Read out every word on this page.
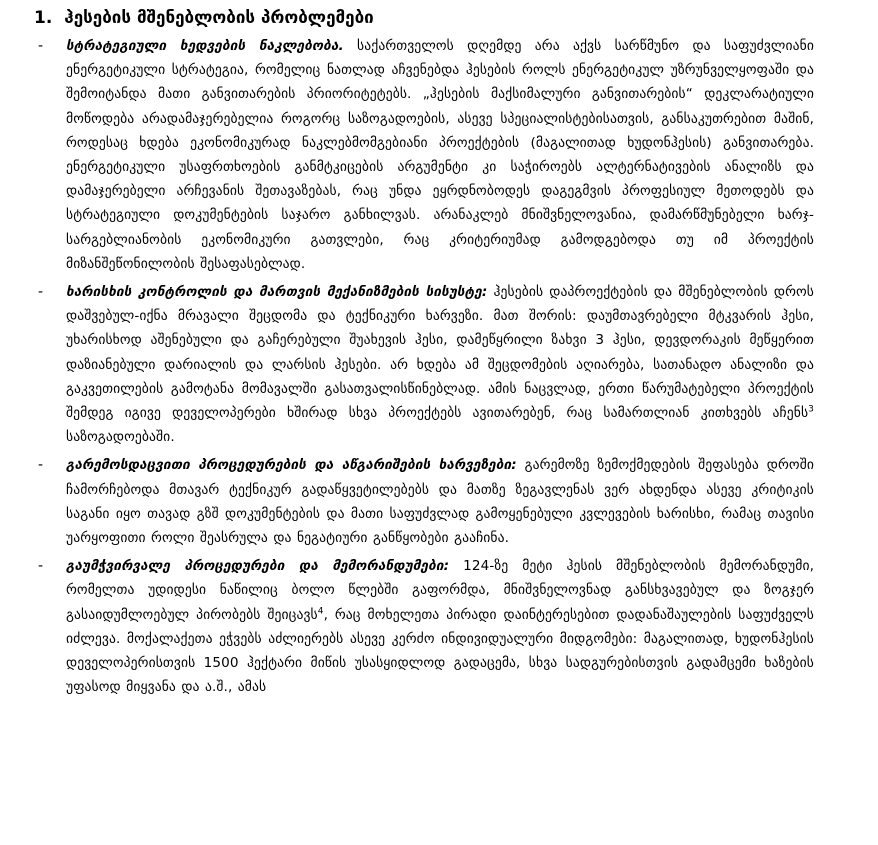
1. ჰესების მშენებლობის პრობლემები
- სტრატეგიული ხედვების ნაკლებობა. საქართველოს დღემდე არა აქვს სარწმუნო და საფუძვლიანი ენერგეტიკული სტრატეგია, რომელიც ნათლად აჩვენებდა ჰესების როლს ენერგეტიკულ უზრუნველყოფაში და შემოიტანდა მათი განვითარების პრიორიტეტებს. „ჰესების მაქსიმალური განვითარების“ დეკლარატიული მოწოდება არადამაჯერებელია როგორც საზოგადოების, ასევე სპეციალისტებისათვის, განსაკუთრებით მაშინ, როდესაც ხდება ეკონომიკურად ნაკლებმომგებიანი პროექტების (მაგალითად ხუდონჰესის) განვითარება. ენერგეტიკული უსაფრთხოების განმტკიცების არგუმენტი კი საჭიროებს ალტერნატივების ანალიზს და დამაჯერებელი არჩევანის შეთავაზებას, რაც უნდა ეყრდნობოდეს დაგეგმვის პროფესიულ მეთოდებს და სტრატეგიული დოკუმენტების საჯარო განხილვას. არანაკლებ მნიშვნელოვანია, დამარწმუნებელი ხარჯ-სარგებლიანობის ეკონომიკური გათვლები, რაც კრიტერიუმად გამოდგებოდა თუ იმ პროექტის მიზანშეწონილობის შესაფასებლად.

- ხარისხის კონტროლის და მართვის მექანიზმების სისუსტე: ჰესების დაპროექტების და მშენებლობის დროს დაშვებულ-იქნა მრავალი შეცდომა და ტექნიკური ხარვეზი. მათ შორის: დაუმთავრებელი მტკვარის ჰესი, უხარისხოდ აშენებული და გაჩერებული შუახევის ჰესი, დამეწყრილი ზახვი 3 ჰესი, დევდორაკის მეწყერით დაზიანებული დარიალის და ლარსის ჰესები. არ ხდება ამ შეცდომების აღიარება, სათანადო ანალიზი და გაკვეთილების გამოტანა მომავალში გასათვალისწინებლად. ამის ნაცვლად, ერთი წარუმატებელი პროექტის შემდეგ იგივე დეველოპერები ხშირად სხვა პროექტებს ავითარებენ, რაც სამართლიან კითხვებს აჩენს$^3$ საზოგადოებაში.

- გარემოსდაცვითი პროცედურების და აწგარიშების ხარვეზები: გარემოზე ზემოქმედების შეფასება დროში ჩამორჩებოდა მთავარ ტექნიკურ გადაწყვეტილებებს და მათზე ზეგავლენას ვერ ახდენდა ასევე კრიტიკის საგანი იყო თავად გზშ დოკუმენტების და მათი საფუძვლად გამოყენებული კვლევების ხარისხი, რამაც თავისი უარყოფითი როლი შეასრულა და ნეგატიური განწყობები გააჩინა.

- გაუმჭვირვალე პროცედურები და მემორანდუმები: 124-ზე მეტი ჰესის მშენებლობის მემორანდუმი, რომელთა უდიდესი ნაწილიც ბოლო წლებში გაფორმდა, მნიშვნელოვნად განსხვავებულ და ზოგჯერ გასაიდუმლოებულ პირობებს შეიცავს$^4$, რაც მოხელეთა პირადი დაინტერესებით დადანაშაულების საფუძველს იძლევა. მოქალაქეთა ეჭვებს აძლიერებს ასევე კერძო ინდივიდუალური მიდგომები: მაგალითად, ხუდონჰესის დეველოპერისთვის 1500 ჰექტარი მიწის უსასყიდლოდ გადაცემა, სხვა სადგურებისთვის გადამცემი ხაზების უფასოდ მიყვანა და ა.შ., ამას
